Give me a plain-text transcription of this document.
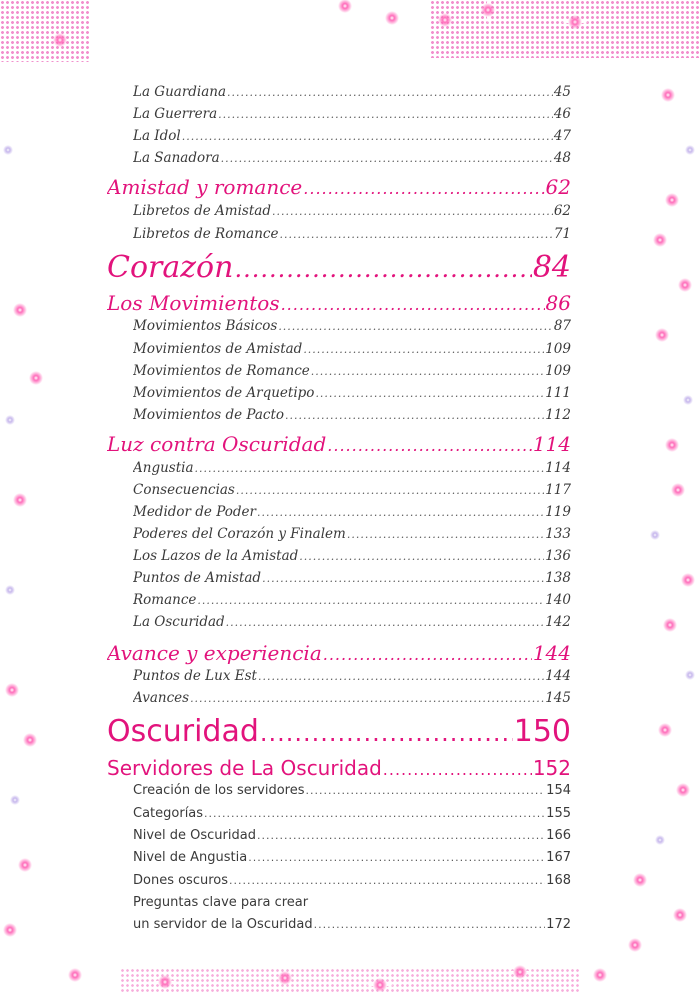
La Guardiana .....	45
La Guerrera .....	46
La Idol .....	47
La Sanadora .....	48
Amistad y romance .....	62
Libretos de Amistad .....	62
Libretos de Romance .....	71
Corazón .....	84
Los Movimientos .....	86
Movimientos Básicos .....	87
Movimientos de Amistad .....	109
Movimientos de Romance .....	109
Movimientos de Arquetipo .....	111
Movimientos de Pacto .....	112
Luz contra Oscuridad .....	114
Angustia .....	114
Consecuencias .....	117
Medidor de Poder .....	119
Poderes del Corazón y Finalem .....	133
Los Lazos de la Amistad .....	136
Puntos de Amistad .....	138
Romance .....	140
La Oscuridad .....	142
Avance y experiencia .....	144
Puntos de Lux Est .....	144
Avances .....	145
Oscuridad .....	150
Servidores de La Oscuridad .....	152
Creación de los servidores .....	154
Categorías .....	155
Nivel de Oscuridad .....	166
Nivel de Angustia .....	167
Dones oscuros .....	168
Preguntas clave para crear
un servidor de la Oscuridad .....	172
